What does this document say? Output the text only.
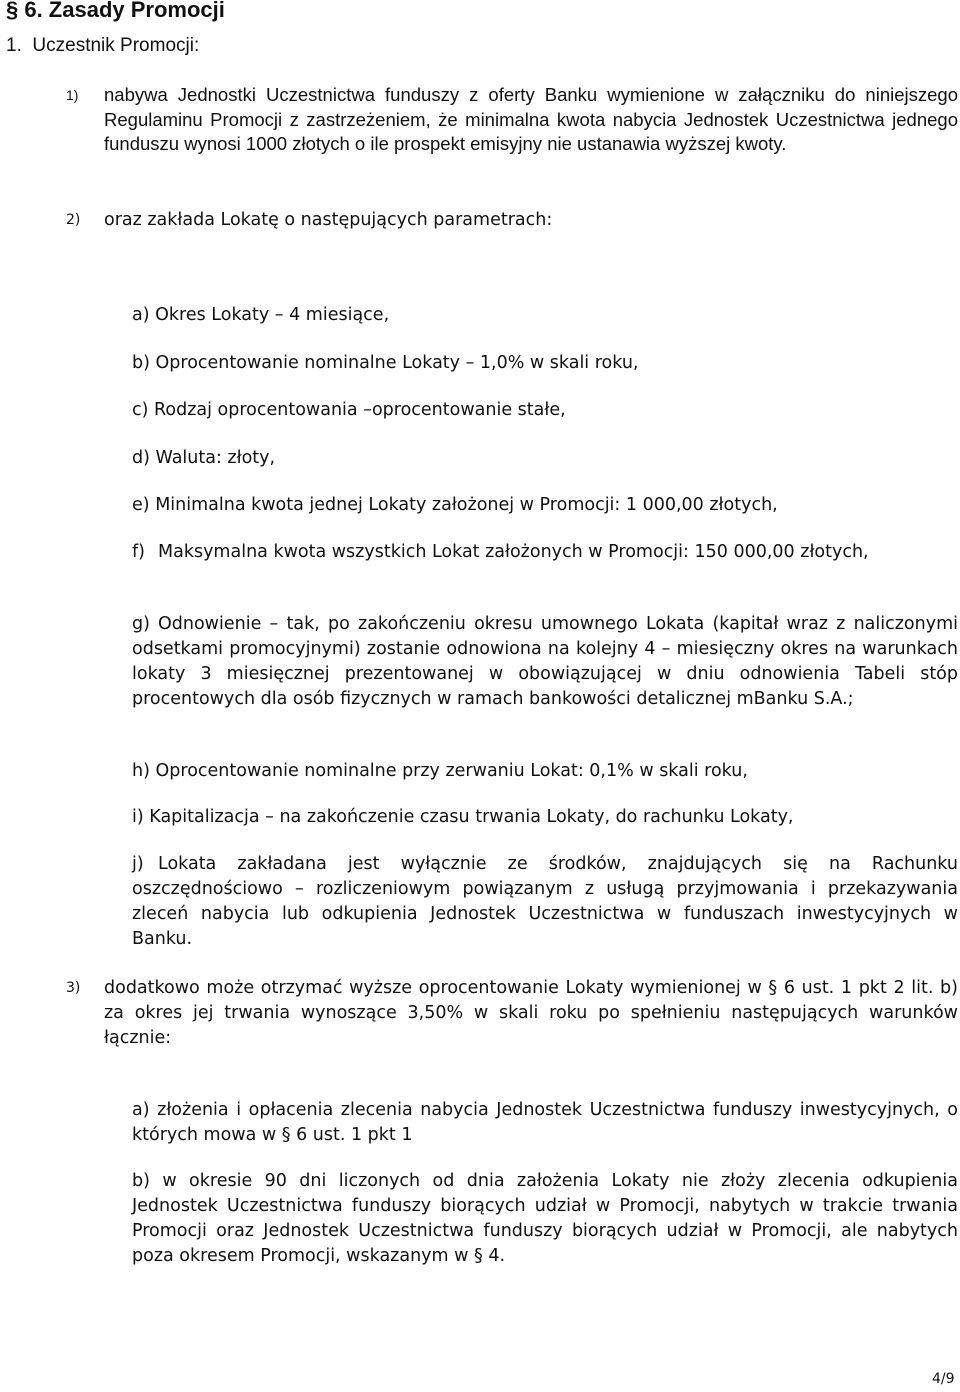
§ 6. Zasady Promocji
1. Uczestnik Promocji:
1) nabywa Jednostki Uczestnictwa funduszy z oferty Banku wymienione w załączniku do niniejszego Regulaminu Promocji z zastrzeżeniem, że minimalna kwota nabycia Jednostek Uczestnictwa jednego funduszu wynosi 1000 złotych o ile prospekt emisyjny nie ustanawia wyższej kwoty.
2) oraz zakłada Lokatę o następujących parametrach:
a) Okres Lokaty – 4 miesiące,
b) Oprocentowanie nominalne Lokaty – 1,0% w skali roku,
c) Rodzaj oprocentowania –oprocentowanie stałe,
d) Waluta: złoty,
e) Minimalna kwota jednej Lokaty założonej w Promocji: 1 000,00 złotych,
f) Maksymalna kwota wszystkich Lokat założonych w Promocji: 150 000,00 złotych,
g) Odnowienie – tak, po zakończeniu okresu umownego Lokata (kapitał wraz z naliczonymi odsetkami promocyjnymi) zostanie odnowiona na kolejny 4 – miesięczny okres na warunkach lokaty 3 miesięcznej prezentowanej w obowiązującej w dniu odnowienia Tabeli stóp procentowych dla osób fizycznych w ramach bankowości detalicznej mBanku S.A.;
h) Oprocentowanie nominalne przy zerwaniu Lokat: 0,1% w skali roku,
i) Kapitalizacja – na zakończenie czasu trwania Lokaty, do rachunku Lokaty,
j) Lokata zakładana jest wyłącznie ze środków, znajdujących się na Rachunku oszczędnościowo – rozliczeniowym powiązanym z usługą przyjmowania i przekazywania zleceń nabycia lub odkupienia Jednostek Uczestnictwa w funduszach inwestycyjnych w Banku.
3) dodatkowo może otrzymać wyższe oprocentowanie Lokaty wymienionej w § 6 ust. 1 pkt 2 lit. b) za okres jej trwania wynoszące 3,50% w skali roku po spełnieniu następujących warunków łącznie:
a) złożenia i opłacenia zlecenia nabycia Jednostek Uczestnictwa funduszy inwestycyjnych, o których mowa w § 6 ust. 1 pkt 1
b) w okresie 90 dni liczonych od dnia założenia Lokaty nie złoży zlecenia odkupienia Jednostek Uczestnictwa funduszy biorących udział w Promocji, nabytych w trakcie trwania Promocji oraz Jednostek Uczestnictwa funduszy biorących udział w Promocji, ale nabytych poza okresem Promocji, wskazanym w § 4.
4/9
